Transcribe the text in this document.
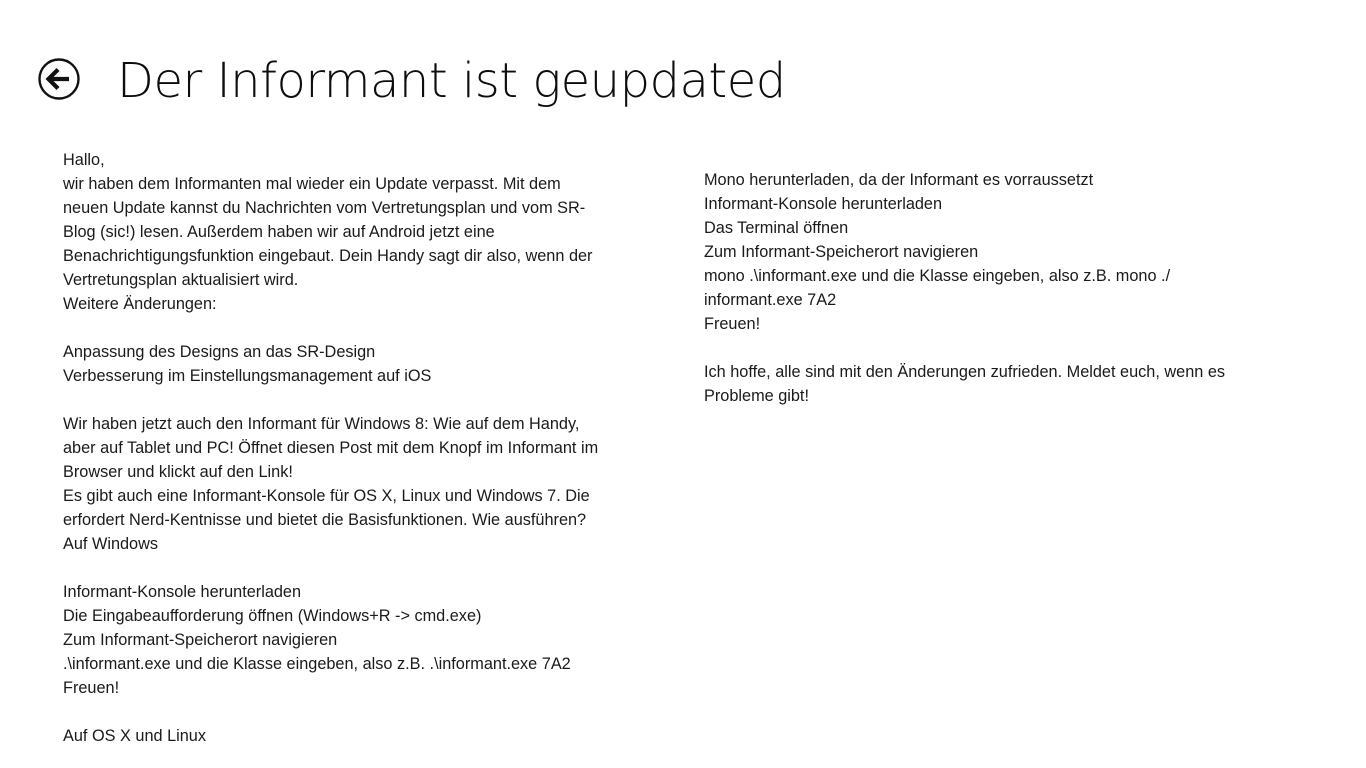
Der Informant ist geupdated
Hallo,
wir haben dem Informanten mal wieder ein Update verpasst. Mit dem
neuen Update kannst du Nachrichten vom Vertretungsplan und vom SR-
Blog (sic!) lesen. Außerdem haben wir auf Android jetzt eine
Benachrichtigungsfunktion eingebaut. Dein Handy sagt dir also, wenn der
Vertretungsplan aktualisiert wird.
Weitere Änderungen:
Anpassung des Designs an das SR-Design
Verbesserung im Einstellungsmanagement auf iOS
Wir haben jetzt auch den Informant für Windows 8: Wie auf dem Handy,
aber auf Tablet und PC! Öffnet diesen Post mit dem Knopf im Informant im
Browser und klickt auf den Link!
Es gibt auch eine Informant-Konsole für OS X, Linux und Windows 7. Die
erfordert Nerd-Kentnisse und bietet die Basisfunktionen. Wie ausführen?
Auf Windows
Informant-Konsole herunterladen
Die Eingabeaufforderung öffnen (Windows+R -> cmd.exe)
Zum Informant-Speicherort navigieren
.\informant.exe und die Klasse eingeben, also z.B. .\informant.exe 7A2
Freuen!
Auf OS X und Linux
Mono herunterladen, da der Informant es vorraussetzt
Informant-Konsole herunterladen
Das Terminal öffnen
Zum Informant-Speicherort navigieren
mono .\informant.exe und die Klasse eingeben, also z.B. mono ./
informant.exe 7A2
Freuen!
Ich hoffe, alle sind mit den Änderungen zufrieden. Meldet euch, wenn es
Probleme gibt!
